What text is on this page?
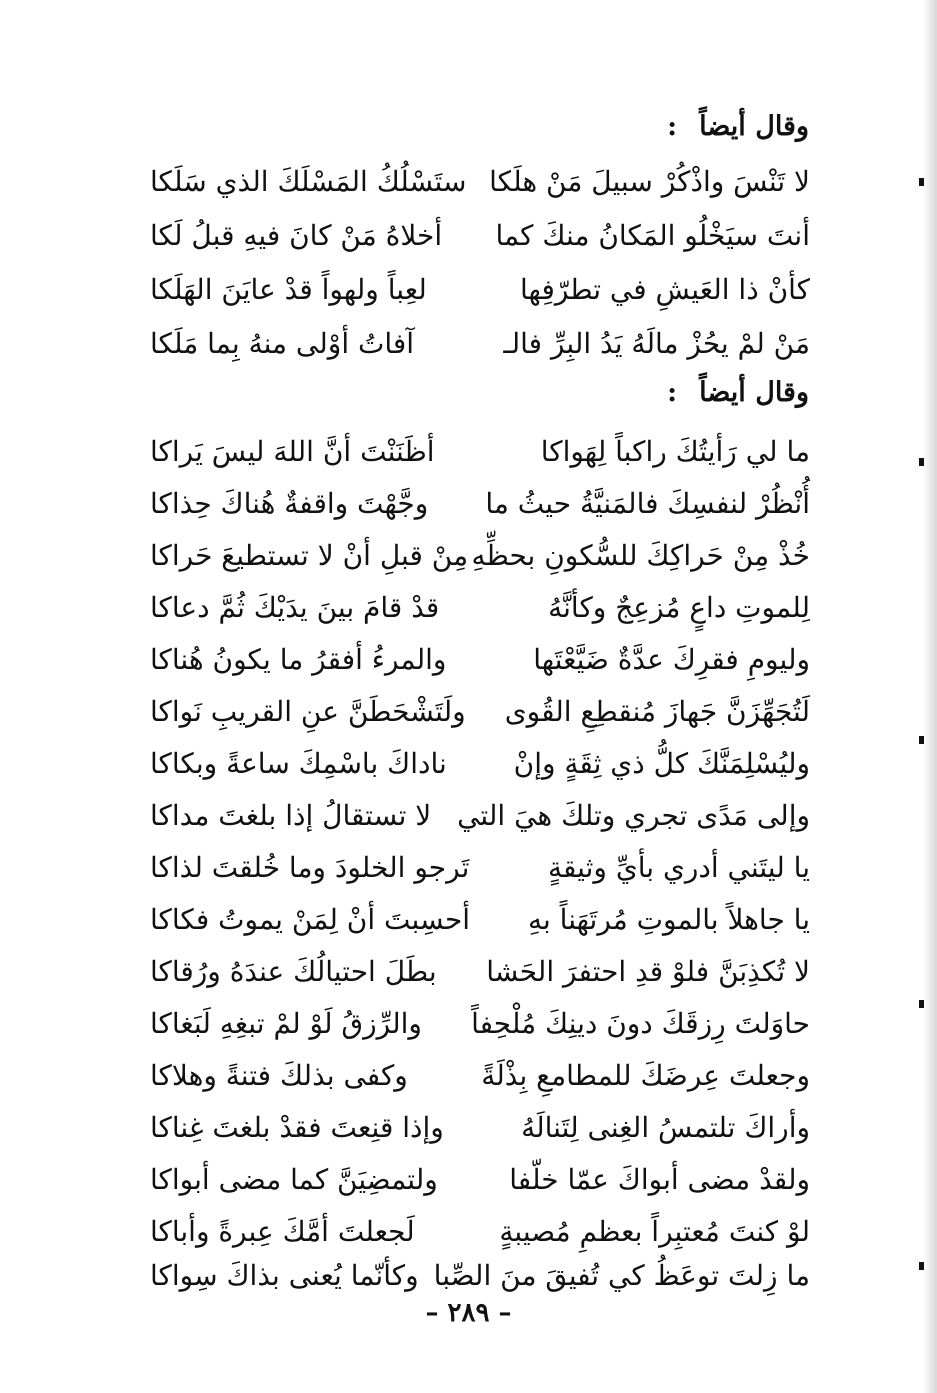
وقال أيضاً:
لا تَنْسَ واذْكُرْ سبيلَ مَنْ هلَكا
ستَسْلُكُ المَسْلَكَ الذي سَلَكا
أنتَ سيَخْلُو المَكانُ منكَ كما
أخلاهُ مَنْ كانَ فيهِ قبلُ لَكا
كأنْ ذا العَيشِ في تطرّفِها
لعِباً ولهواً قدْ عايَنَ الهَلَكا
مَنْ لمْ يحُزْ مالَهُ يَدُ البِرِّ فالـ
آفاتُ أوْلى منهُ بِما مَلَكا
وقال أيضاً:
ما لي رَأيتُكَ راكباً لِهَواكا
أظَنَنْتَ أنَّ اللهَ ليسَ يَراكا
أُنْظُرْ لنفسِكَ فالمَنيَّةُ حيثُ ما
وجَّهْتَ واقفةٌ هُناكَ حِذاكا
خُذْ مِنْ حَراكِكَ للسُّكونِ بحظِّهِ
مِنْ قبلِ أنْ لا تستطيعَ حَراكا
لِلموتِ داعٍ مُزعِجٌ وكأنَّهُ
قدْ قامَ بينَ يدَيْكَ ثُمَّ دعاكا
وليومِ فقرِكَ عدَّةٌ ضَيَّعْتَها
والمرءُ أفقرُ ما يكونُ هُناكا
لَتُجَهِّزَنَّ جَهازَ مُنقطِعِ القُوى
ولَتَشْحَطَنَّ عنِ القريبِ نَواكا
وليُسْلِمَنَّكَ كلُّ ذي ثِقَةٍ وإنْ
ناداكَ باسْمِكَ ساعةً وبكاكا
وإلى مَدًى تجري وتلكَ هيَ التي
لا تستقالُ إذا بلغتَ مداكا
يا ليتَني أدري بأيِّ وثيقةٍ
تَرجو الخلودَ وما خُلقتَ لذاكا
يا جاهلاً بالموتِ مُرتَهَناً بهِ
أحسِبتَ أنْ لِمَنْ يموتُ فكاكا
لا تُكذِبَنَّ فلوْ قدِ احتفرَ الحَشا
بطَلَ احتيالُكَ عندَهُ ورُقاكا
حاوَلتَ رِزقَكَ دونَ دينِكَ مُلْحِفاً
والرِّزقُ لَوْ لمْ تبغِهِ لَبَغاكا
وجعلتَ عِرضَكَ للمطامعِ بِذْلَةً
وكفى بذلكَ فتنةً وهلاكا
وأراكَ تلتمسُ الغِنى لِتَنالَهُ
وإذا قنِعتَ فقدْ بلغتَ غِناكا
ولقدْ مضى أبواكَ عمّا خلّفا
ولتمضِيَنَّ كما مضى أبواكا
لوْ كنتَ مُعتبِراً بعظمِ مُصيبةٍ
لَجعلتَ أمَّكَ عِبرةً وأباكا
ما زِلتَ توعَظُ كي تُفيقَ منَ الصِّبا
وكأنّما يُعنى بذاكَ سِواكا
– ٢٨٩ –
